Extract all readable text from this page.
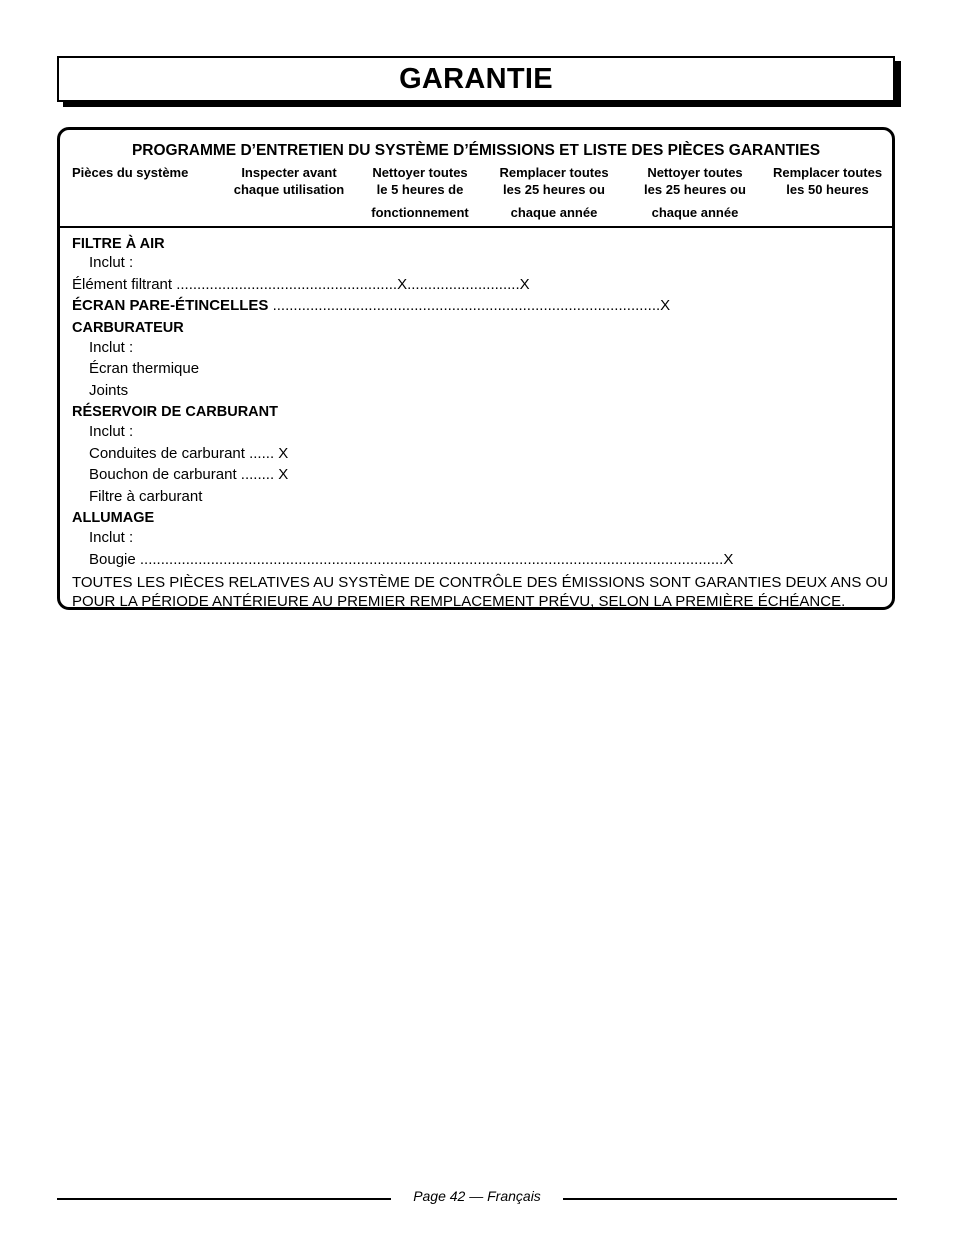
GARANTIE
PROGRAMME D’ENTRETIEN DU SYSTÈME D’ÉMISSIONS ET LISTE DES PIÈCES GARANTIES
Pièces du système	Inspecter avant
chaque utilisation
Nettoyer toutes
le 5 heures de
fonctionnement
Remplacer toutes
les 25 heures ou
chaque année
Nettoyer toutes
les 25 heures ou
chaque année
Remplacer toutes
les 50 heures
FILTRE À AIR
Inclut :
Élément filtrant .....................................................X...........................X
ÉCRAN PARE-ÉTINCELLES .............................................................................................X
CARBURATEUR
Inclut :
Écran thermique
Joints
RÉSERVOIR DE CARBURANT
Inclut :
Conduites de carburant ...... X
Bouchon de carburant ........ X
Filtre à carburant
ALLUMAGE
Inclut :
Bougie ............................................................................................................................................X
TOUTES LES PIÈCES RELATIVES AU SYSTÈME DE CONTRÔLE DES ÉMISSIONS SONT GARANTIES DEUX ANS OU POUR LA PÉRIODE ANTÉRIEURE AU PREMIER REMPLACEMENT PRÉVU, SELON LA PREMIÈRE ÉCHÉANCE.
Page 42 — Français
